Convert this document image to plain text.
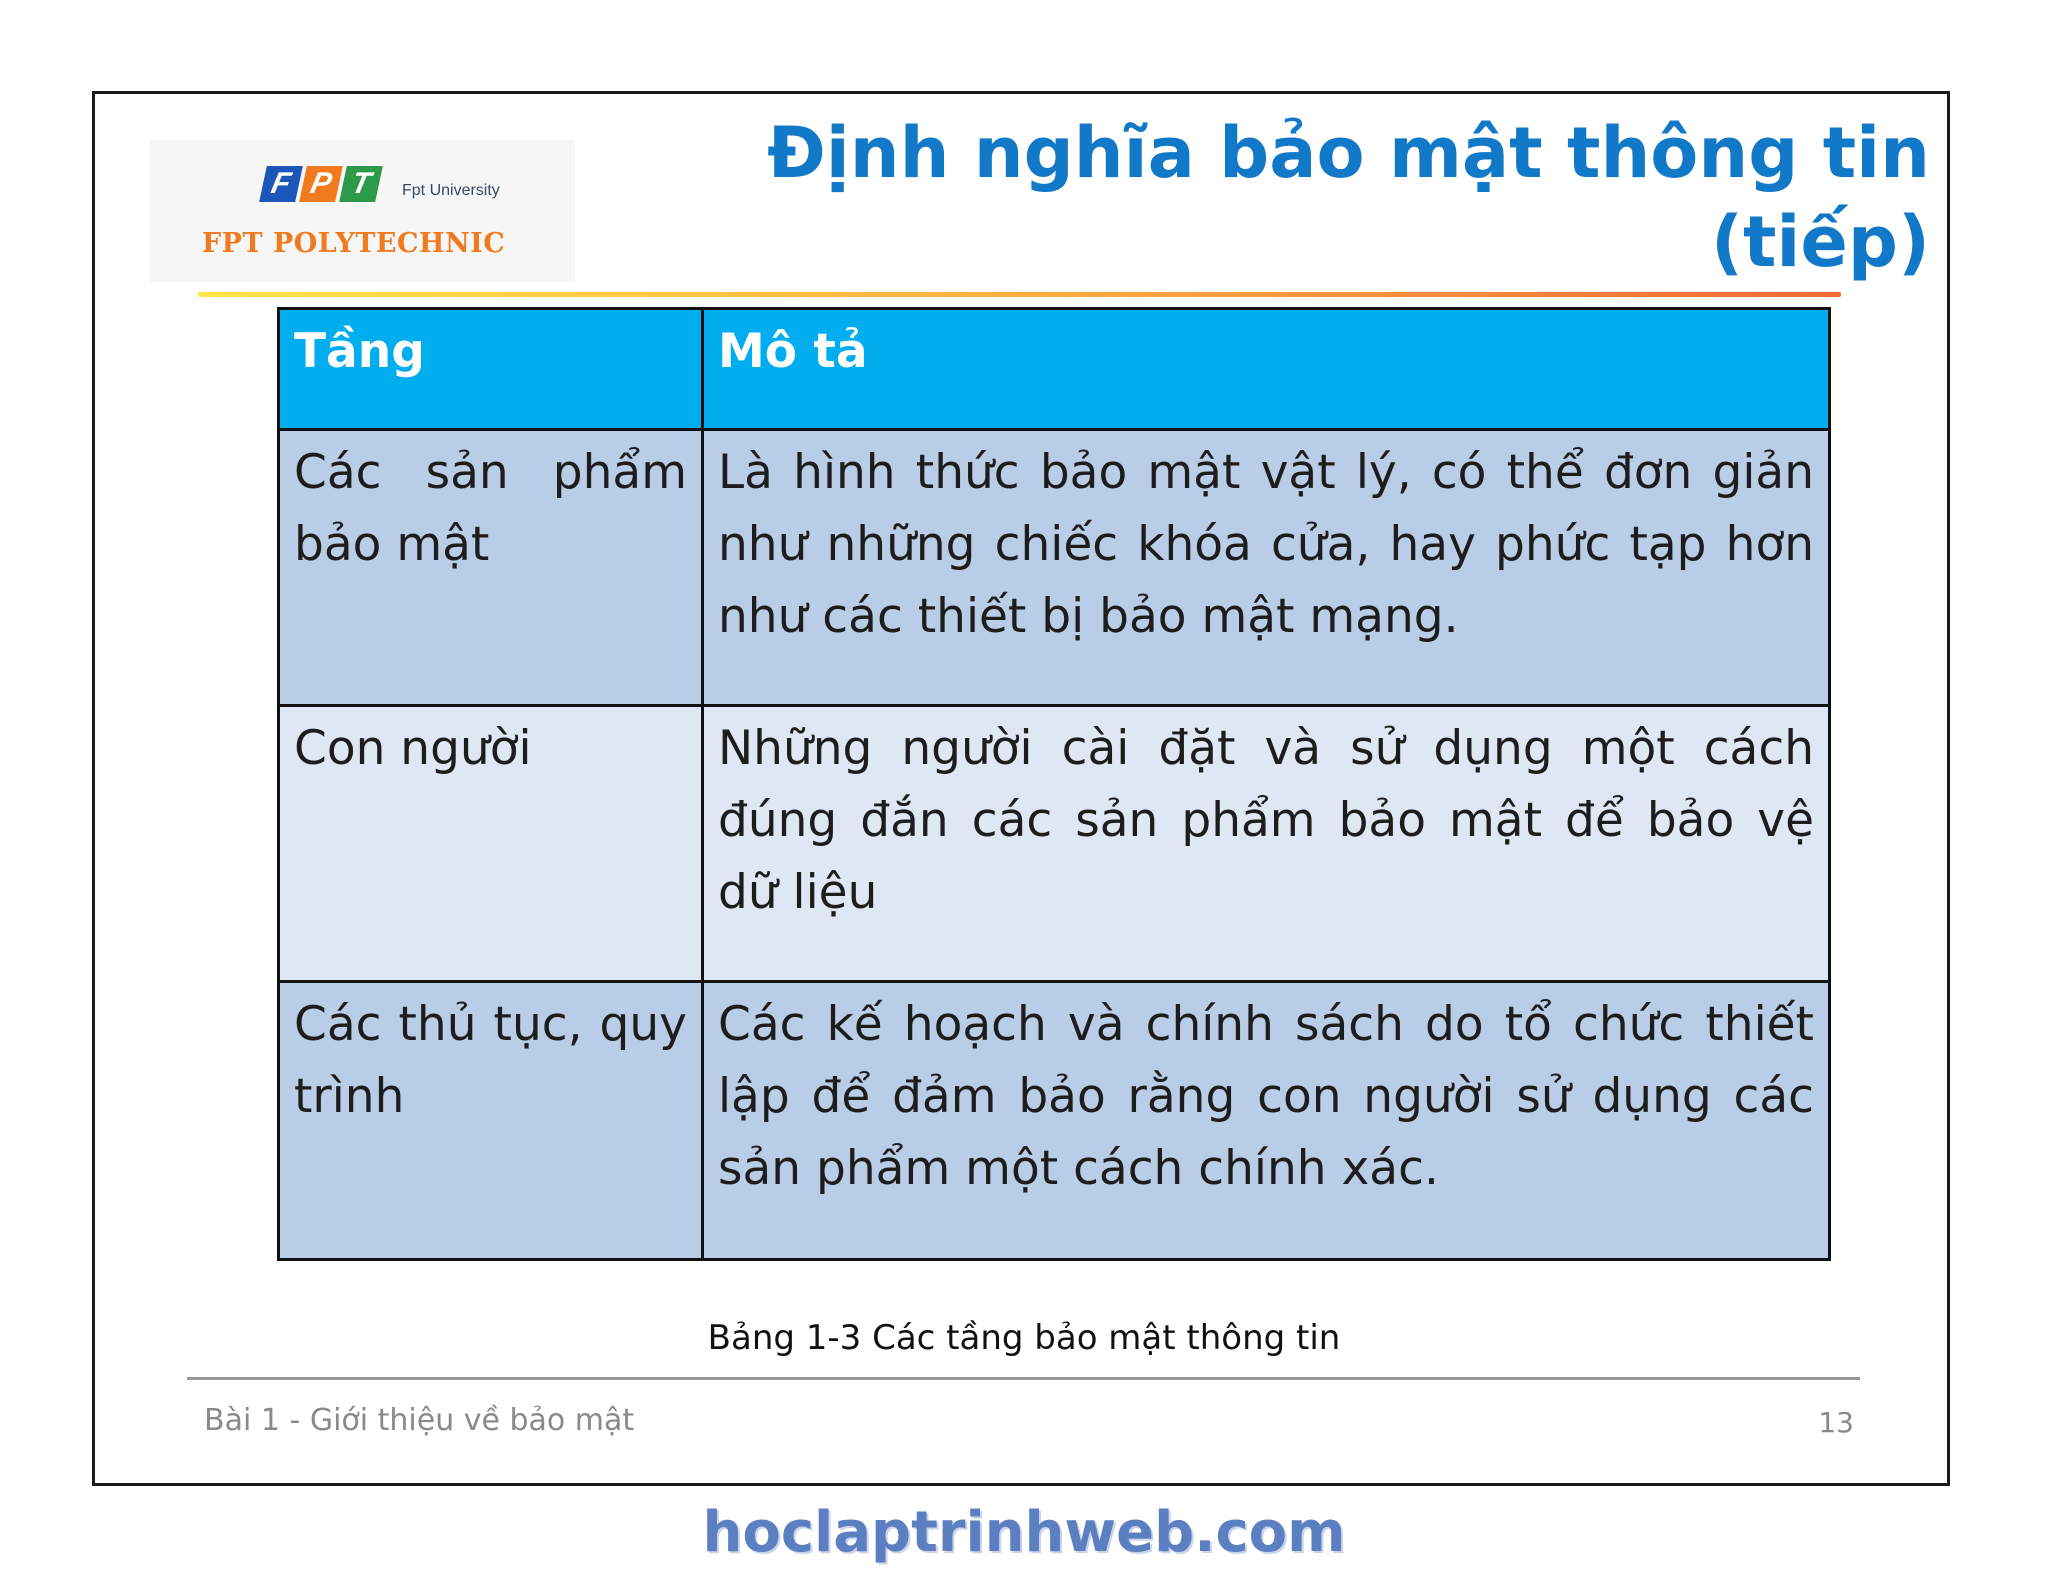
F P T	Fpt University
FPT POLYTECHNIC
Định nghĩa bảo mật thông tin
(tiếp)
Tầng	Mô tả
Các sản phẩm bảo mật	Là hình thức bảo mật vật lý, có thể đơn giản như những chiếc khóa cửa, hay phức tạp hơn như các thiết bị bảo mật mạng.
Con người	Những người cài đặt và sử dụng một cách đúng đắn các sản phẩm bảo mật để bảo vệ dữ liệu
Các thủ tục, quy trình	Các kế hoạch và chính sách do tổ chức thiết lập để đảm bảo rằng con người sử dụng các sản phẩm một cách chính xác.
Bảng 1-3 Các tầng bảo mật thông tin
Bài 1 - Giới thiệu về bảo mật	13
hoclaptrinhweb.com
